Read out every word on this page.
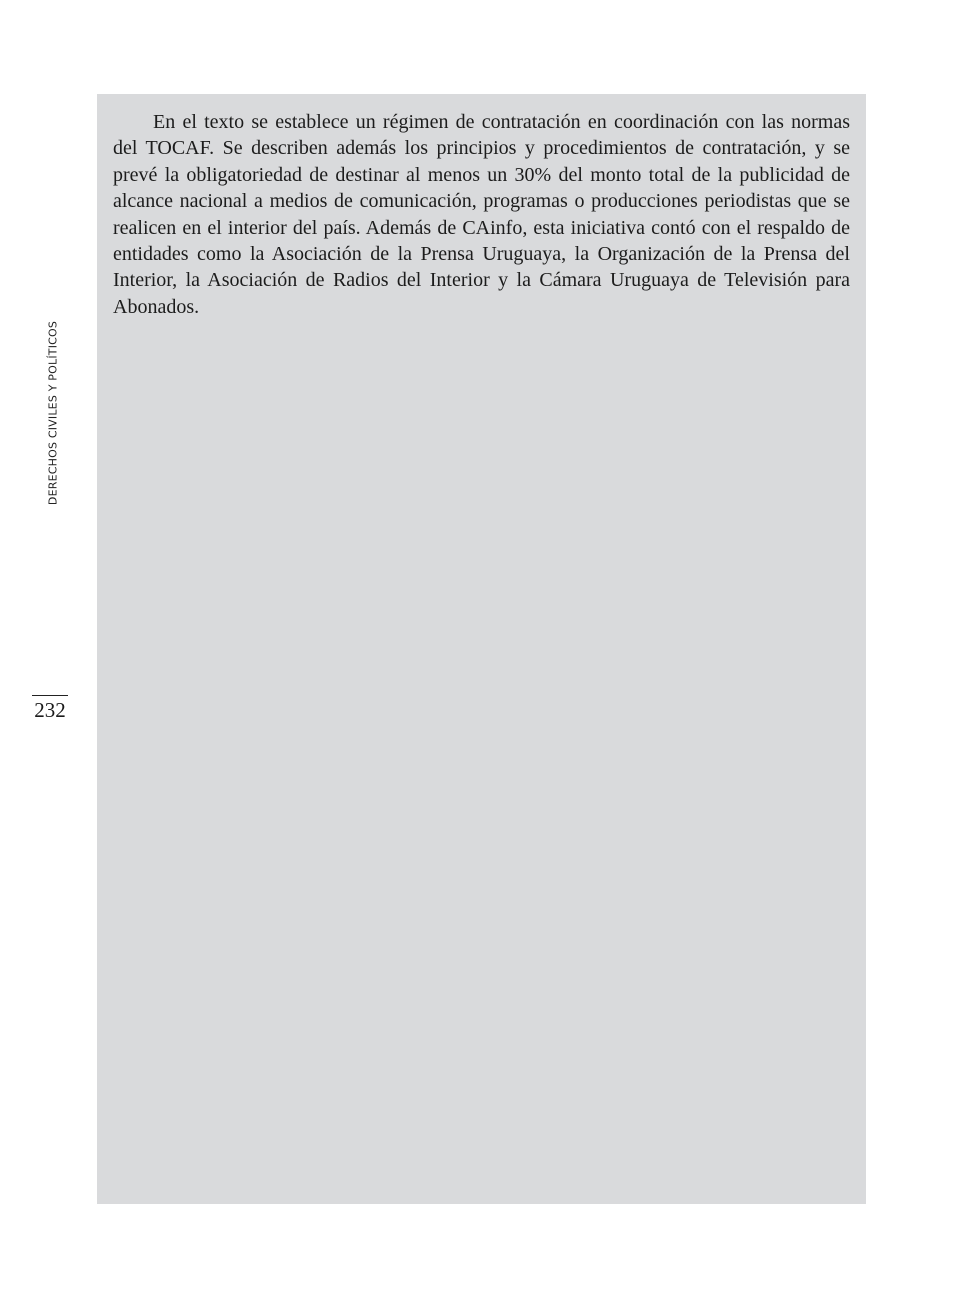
DERECHOS CIVILES Y POLÍTICOS
232

En el texto se establece un régimen de contratación en coordinación con las normas del TOCAF. Se describen además los principios y procedimientos de contratación, y se prevé la obligatoriedad de destinar al menos un 30% del monto total de la publicidad de alcance nacional a medios de comunicación, programas o producciones periodistas que se realicen en el interior del país. Además de CAinfo, esta iniciativa contó con el respaldo de entidades como la Asociación de la Prensa Uruguaya, la Organización de la Prensa del Interior, la Asociación de Radios del Interior y la Cámara Uruguaya de Televisión para Abonados.
